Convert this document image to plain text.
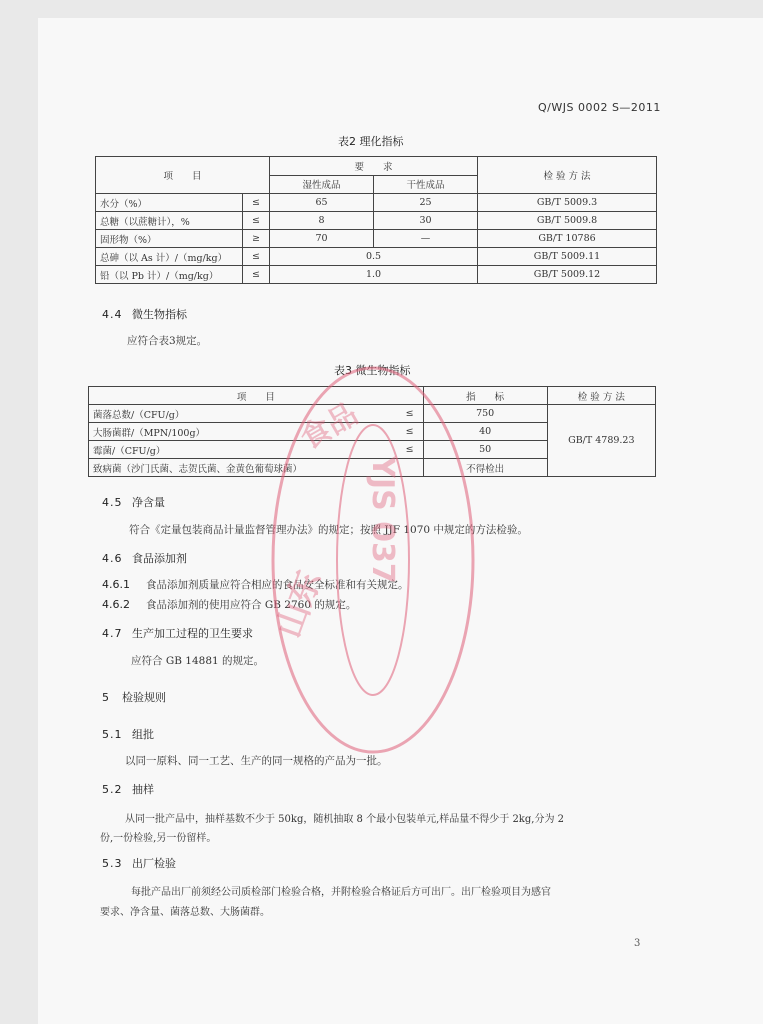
Q/WJS 0002 S—2011
表2 理化指标
项　　目		要　　求		检 验 方 法
		湿性成品	干性成品	
水分（%）	≤	65	25	GB/T 5009.3
总糖（以蔗糖计），%	≤	8	30	GB/T 5009.8
固形物（%）	≥	70	—	GB/T 10786
总砷（以 As 计）/（mg/kg）	≤	0.5		GB/T 5009.11
铅（以 Pb 计）/（mg/kg）	≤	1.0		GB/T 5009.12
4.4 微生物指标
应符合表3规定。
表3 微生物指标
项　　目		指　　标	检 验 方 法
菌落总数/（CFU/g）	≤	750	GB/T 4789.23
大肠菌群/（MPN/100g）	≤	40	
霉菌/（CFU/g）	≤	50	
致病菌（沙门氏菌、志贺氏菌、金黄色葡萄球菌）		不得检出	
4.5 净含量
符合《定量包装商品计量监督管理办法》的规定；按照 JJF 1070 中规定的方法检验。
4.6 食品添加剂
4.6.1 食品添加剂质量应符合相应的食品安全标准和有关规定。
4.6.2 食品添加剂的使用应符合 GB 2760 的规定。
4.7 生产加工过程的卫生要求
应符合 GB 14881 的规定。
5 检验规则
5.1 组批
以同一原料、同一工艺、生产的同一规格的产品为一批。
5.2 抽样
从同一批产品中，抽样基数不少于 50kg，随机抽取 8 个最小包装单元,样品量不得少于 2kg,分为 2
份,一份检验,另一份留样。
5.3 出厂检验
每批产品出厂前须经公司质检部门检验合格，并附检验合格证后方可出厂。出厂检验项目为感官
要求、净含量、菌落总数、大肠菌群。
3
YJS 037
山东
食品
